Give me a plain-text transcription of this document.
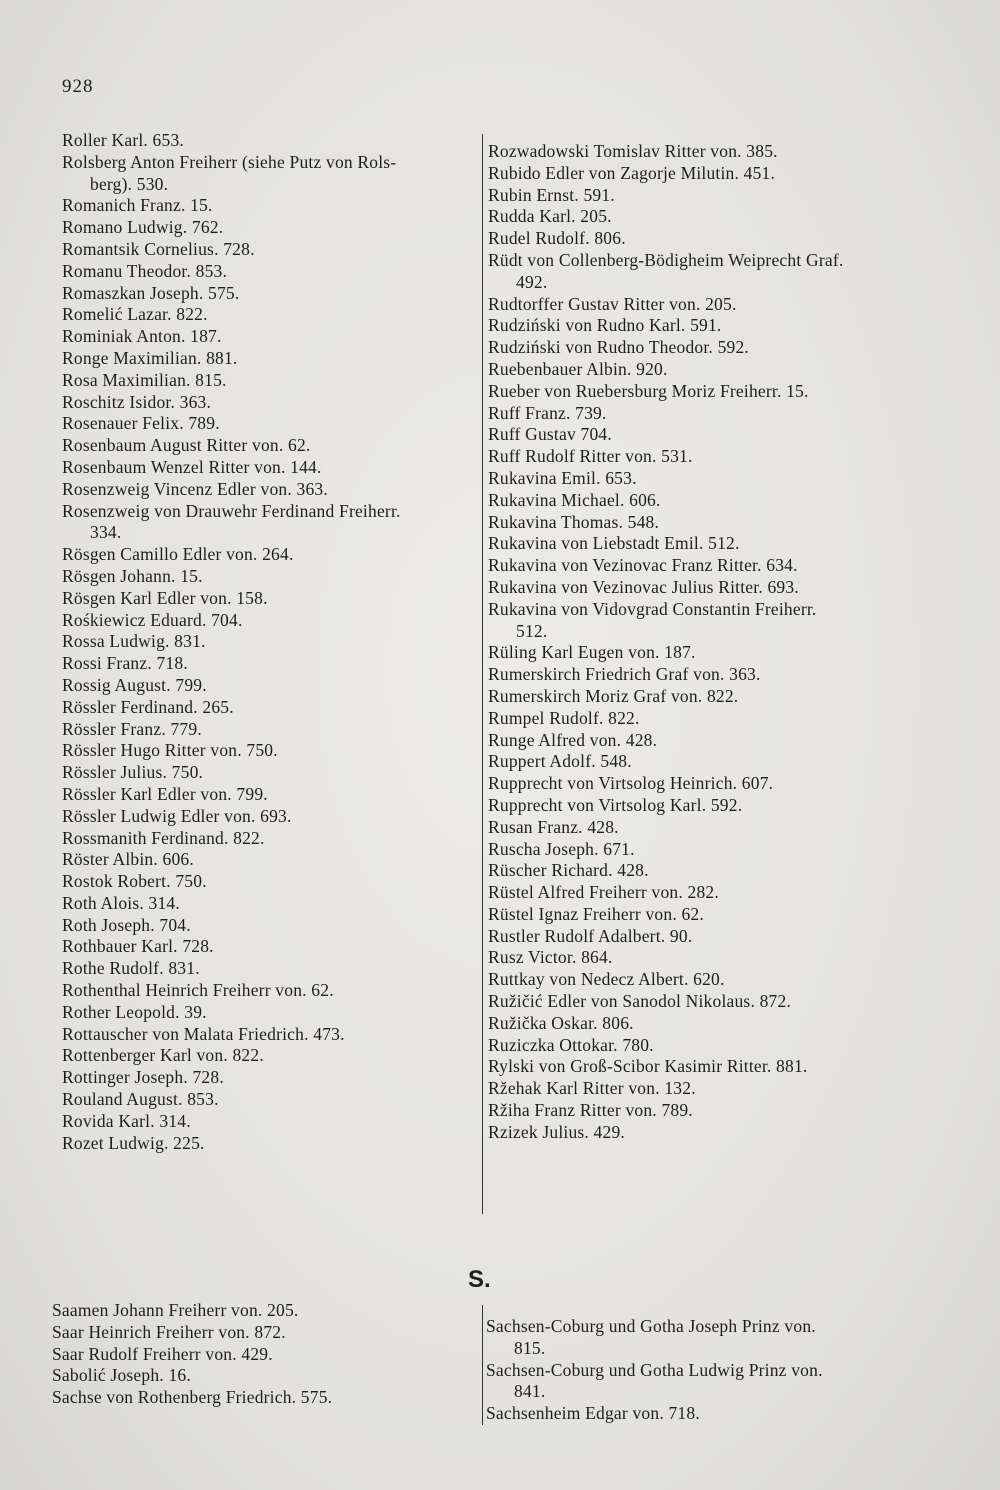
928
Roller Karl. 653.
Rolsberg Anton Freiherr (siehe Putz von Rols-
berg). 530.
Romanich Franz. 15.
Romano Ludwig. 762.
Romantsik Cornelius. 728.
Romanu Theodor. 853.
Romaszkan Joseph. 575.
Romelić Lazar. 822.
Rominiak Anton. 187.
Ronge Maximilian. 881.
Rosa Maximilian. 815.
Roschitz Isidor. 363.
Rosenauer Felix. 789.
Rosenbaum August Ritter von. 62.
Rosenbaum Wenzel Ritter von. 144.
Rosenzweig Vincenz Edler von. 363.
Rosenzweig von Drauwehr Ferdinand Freiherr.
334.
Rösgen Camillo Edler von. 264.
Rösgen Johann. 15.
Rösgen Karl Edler von. 158.
Rośkiewicz Eduard. 704.
Rossa Ludwig. 831.
Rossi Franz. 718.
Rossig August. 799.
Rössler Ferdinand. 265.
Rössler Franz. 779.
Rössler Hugo Ritter von. 750.
Rössler Julius. 750.
Rössler Karl Edler von. 799.
Rössler Ludwig Edler von. 693.
Rossmanith Ferdinand. 822.
Röster Albin. 606.
Rostok Robert. 750.
Roth Alois. 314.
Roth Joseph. 704.
Rothbauer Karl. 728.
Rothe Rudolf. 831.
Rothenthal Heinrich Freiherr von. 62.
Rother Leopold. 39.
Rottauscher von Malata Friedrich. 473.
Rottenberger Karl von. 822.
Rottinger Joseph. 728.
Rouland August. 853.
Rovida Karl. 314.
Rozet Ludwig. 225.
Rozwadowski Tomislav Ritter von. 385.
Rubido Edler von Zagorje Milutin. 451.
Rubin Ernst. 591.
Rudda Karl. 205.
Rudel Rudolf. 806.
Rüdt von Collenberg-Bödigheim Weiprecht Graf.
492.
Rudtorffer Gustav Ritter von. 205.
Rudziński von Rudno Karl. 591.
Rudziński von Rudno Theodor. 592.
Ruebenbauer Albin. 920.
Rueber von Ruebersburg Moriz Freiherr. 15.
Ruff Franz. 739.
Ruff Gustav 704.
Ruff Rudolf Ritter von. 531.
Rukavina Emil. 653.
Rukavina Michael. 606.
Rukavina Thomas. 548.
Rukavina von Liebstadt Emil. 512.
Rukavina von Vezinovac Franz Ritter. 634.
Rukavina von Vezinovac Julius Ritter. 693.
Rukavina von Vidovgrad Constantin Freiherr.
512.
Rüling Karl Eugen von. 187.
Rumerskirch Friedrich Graf von. 363.
Rumerskirch Moriz Graf von. 822.
Rumpel Rudolf. 822.
Runge Alfred von. 428.
Ruppert Adolf. 548.
Rupprecht von Virtsolog Heinrich. 607.
Rupprecht von Virtsolog Karl. 592.
Rusan Franz. 428.
Ruscha Joseph. 671.
Rüscher Richard. 428.
Rüstel Alfred Freiherr von. 282.
Rüstel Ignaz Freiherr von. 62.
Rustler Rudolf Adalbert. 90.
Rusz Victor. 864.
Ruttkay von Nedecz Albert. 620.
Ružičić Edler von Sanodol Nikolaus. 872.
Ružička Oskar. 806.
Ruziczka Ottokar. 780.
Rylski von Groß-Scibor Kasimir Ritter. 881.
Ržehak Karl Ritter von. 132.
Ržiha Franz Ritter von. 789.
Rzizek Julius. 429.
S.
Saamen Johann Freiherr von. 205.
Saar Heinrich Freiherr von. 872.
Saar Rudolf Freiherr von. 429.
Sabolić Joseph. 16.
Sachse von Rothenberg Friedrich. 575.
Sachsen-Coburg und Gotha Joseph Prinz von.
815.
Sachsen-Coburg und Gotha Ludwig Prinz von.
841.
Sachsenheim Edgar von. 718.
